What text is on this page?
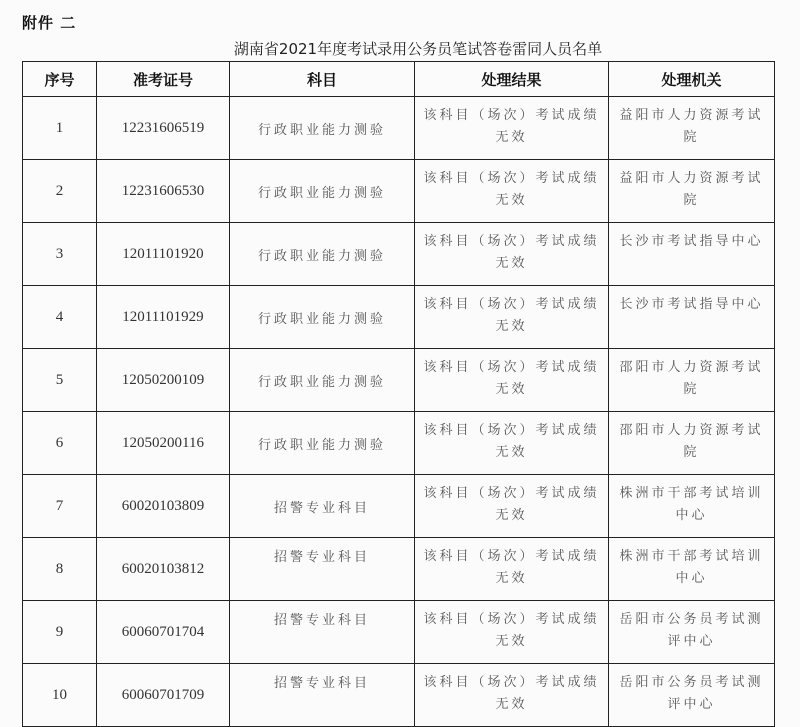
附件 二
湖南省2021年度考试录用公务员笔试答卷雷同人员名单
序号	准考证号	科目	处理结果	处理机关
1	12231606519	行政职业能力测验	该科目（场次）考试成绩无效	益阳市人力资源考试院
2	12231606530	行政职业能力测验	该科目（场次）考试成绩无效	益阳市人力资源考试院
3	12011101920	行政职业能力测验	该科目（场次）考试成绩无效	长沙市考试指导中心
4	12011101929	行政职业能力测验	该科目（场次）考试成绩无效	长沙市考试指导中心
5	12050200109	行政职业能力测验	该科目（场次）考试成绩无效	邵阳市人力资源考试院
6	12050200116	行政职业能力测验	该科目（场次）考试成绩无效	邵阳市人力资源考试院
7	60020103809	招警专业科目	该科目（场次）考试成绩无效	株洲市干部考试培训中心
8	60020103812	招警专业科目	该科目（场次）考试成绩无效	株洲市干部考试培训中心
9	60060701704	招警专业科目	该科目（场次）考试成绩无效	岳阳市公务员考试测评中心
10	60060701709	招警专业科目	该科目（场次）考试成绩无效	岳阳市公务员考试测评中心
